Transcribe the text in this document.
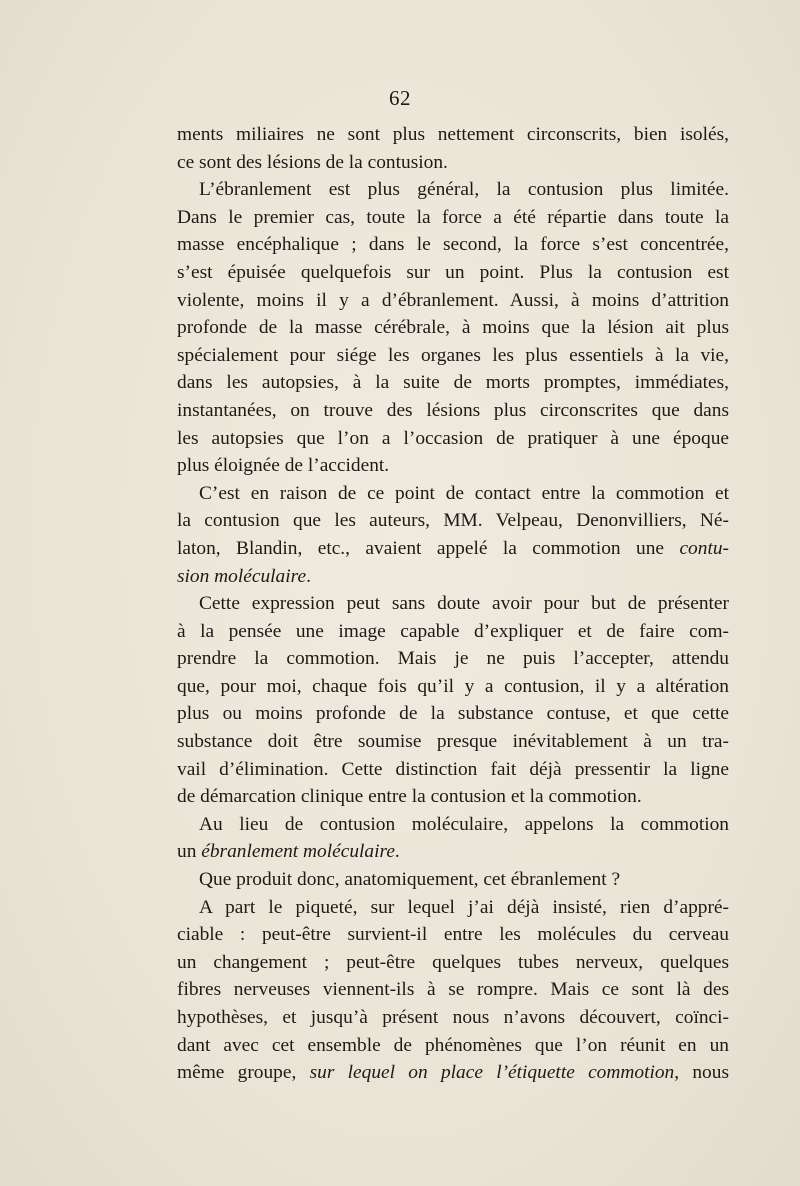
62
ments miliaires ne sont plus nettement circonscrits, bien isolés,
ce sont des lésions de la contusion.
L’ébranlement est plus général, la contusion plus limitée.
Dans le premier cas, toute la force a été répartie dans toute la
masse encéphalique ; dans le second, la force s’est concentrée,
s’est épuisée quelquefois sur un point. Plus la contusion est
violente, moins il y a d’ébranlement. Aussi, à moins d’attrition
profonde de la masse cérébrale, à moins que la lésion ait plus
spécialement pour siége les organes les plus essentiels à la vie,
dans les autopsies, à la suite de morts promptes, immédiates,
instantanées, on trouve des lésions plus circonscrites que dans
les autopsies que l’on a l’occasion de pratiquer à une époque
plus éloignée de l’accident.
C’est en raison de ce point de contact entre la commotion et
la contusion que les auteurs, MM. Velpeau, Denonvilliers, Né-
laton, Blandin, etc., avaient appelé la commotion une contu-
sion moléculaire.
Cette expression peut sans doute avoir pour but de présenter
à la pensée une image capable d’expliquer et de faire com-
prendre la commotion. Mais je ne puis l’accepter, attendu
que, pour moi, chaque fois qu’il y a contusion, il y a altération
plus ou moins profonde de la substance contuse, et que cette
substance doit être soumise presque inévitablement à un tra-
vail d’élimination. Cette distinction fait déjà pressentir la ligne
de démarcation clinique entre la contusion et la commotion.
Au lieu de contusion moléculaire, appelons la commotion
un ébranlement moléculaire.
Que produit donc, anatomiquement, cet ébranlement ?
A part le piqueté, sur lequel j’ai déjà insisté, rien d’appré-
ciable : peut-être survient-il entre les molécules du cerveau
un changement ; peut-être quelques tubes nerveux, quelques
fibres nerveuses viennent-ils à se rompre. Mais ce sont là des
hypothèses, et jusqu’à présent nous n’avons découvert, coïnci-
dant avec cet ensemble de phénomènes que l’on réunit en un
même groupe, sur lequel on place l’étiquette commotion, nous
